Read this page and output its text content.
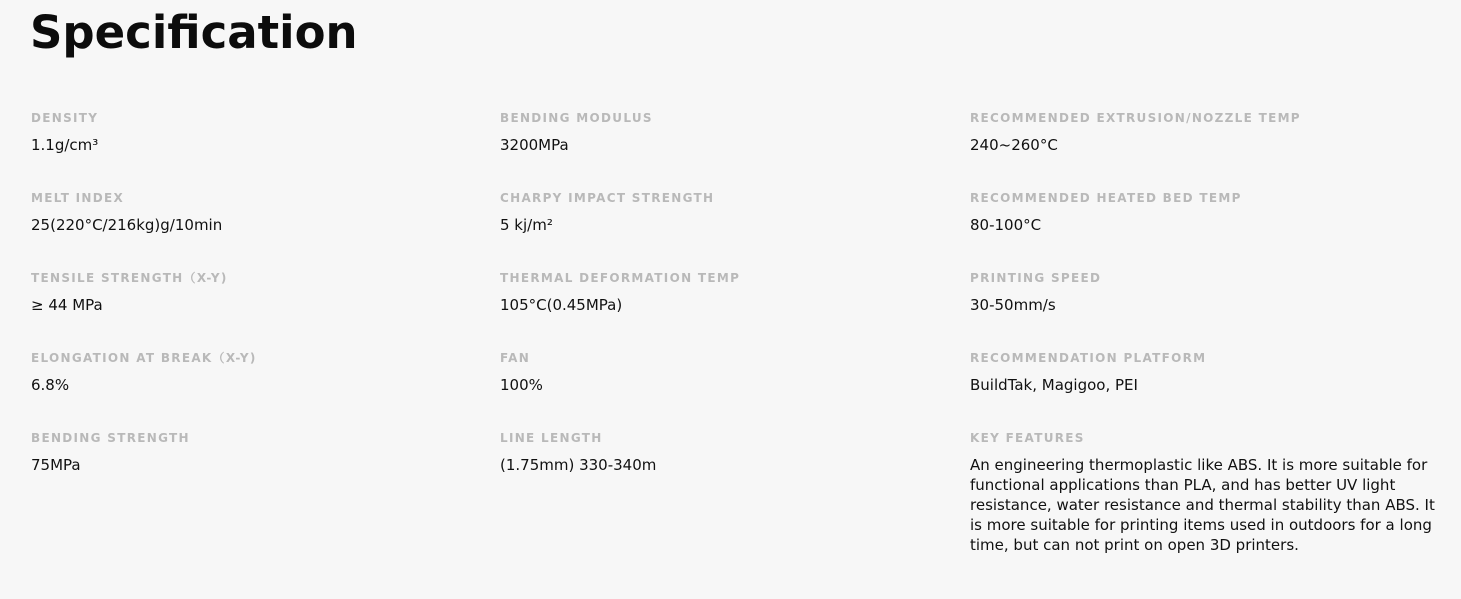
Specification
DENSITY
1.1g/cm³
BENDING MODULUS
3200MPa
RECOMMENDED EXTRUSION/NOZZLE TEMP
240~260°C
MELT INDEX
25(220°C/216kg)g/10min
CHARPY IMPACT STRENGTH
5 kj/m²
RECOMMENDED HEATED BED TEMP
80-100°C
TENSILE STRENGTH（X-Y)
≥ 44 MPa
THERMAL DEFORMATION TEMP
105°C(0.45MPa)
PRINTING SPEED
30-50mm/s
ELONGATION AT BREAK（X-Y)
6.8%
FAN
100%
RECOMMENDATION PLATFORM
BuildTak, Magigoo, PEI
BENDING STRENGTH
75MPa
LINE LENGTH
(1.75mm) 330-340m
KEY FEATURES
An engineering thermoplastic like ABS. It is more suitable for functional applications than PLA, and has better UV light resistance, water resistance and thermal stability than ABS. It is more suitable for printing items used in outdoors for a long time, but can not print on open 3D printers.
